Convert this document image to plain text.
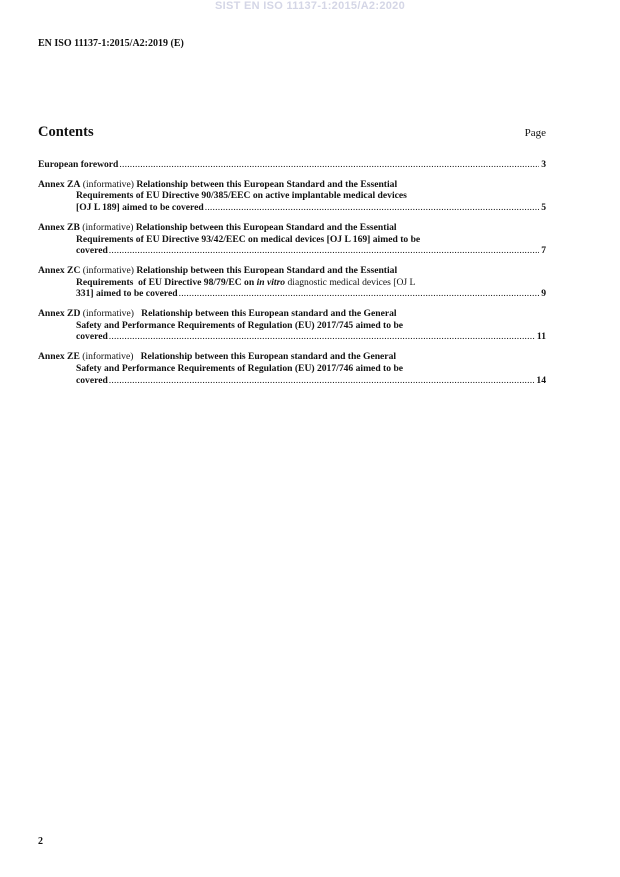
SIST EN ISO 11137-1:2015/A2:2020
EN ISO 11137-1:2015/A2:2019 (E)
Contents	Page
European foreword .....	3
Annex ZA (informative) Relationship between this European Standard and the Essential
Requirements of EU Directive 90/385/EEC on active implantable medical devices
[OJ L 189] aimed to be covered .....	5
Annex ZB (informative) Relationship between this European Standard and the Essential
Requirements of EU Directive 93/42/EEC on medical devices [OJ L 169] aimed to be
covered .....	7
Annex ZC (informative) Relationship between this European Standard and the Essential
Requirements  of EU Directive 98/79/EC on in vitro diagnostic medical devices [OJ L
331] aimed to be covered .....	9
Annex ZD (informative)   Relationship between this European standard and the General
Safety and Performance Requirements of Regulation (EU) 2017/745 aimed to be
covered .....	11
Annex ZE (informative)   Relationship between this European standard and the General
Safety and Performance Requirements of Regulation (EU) 2017/746 aimed to be
covered .....	14
2
